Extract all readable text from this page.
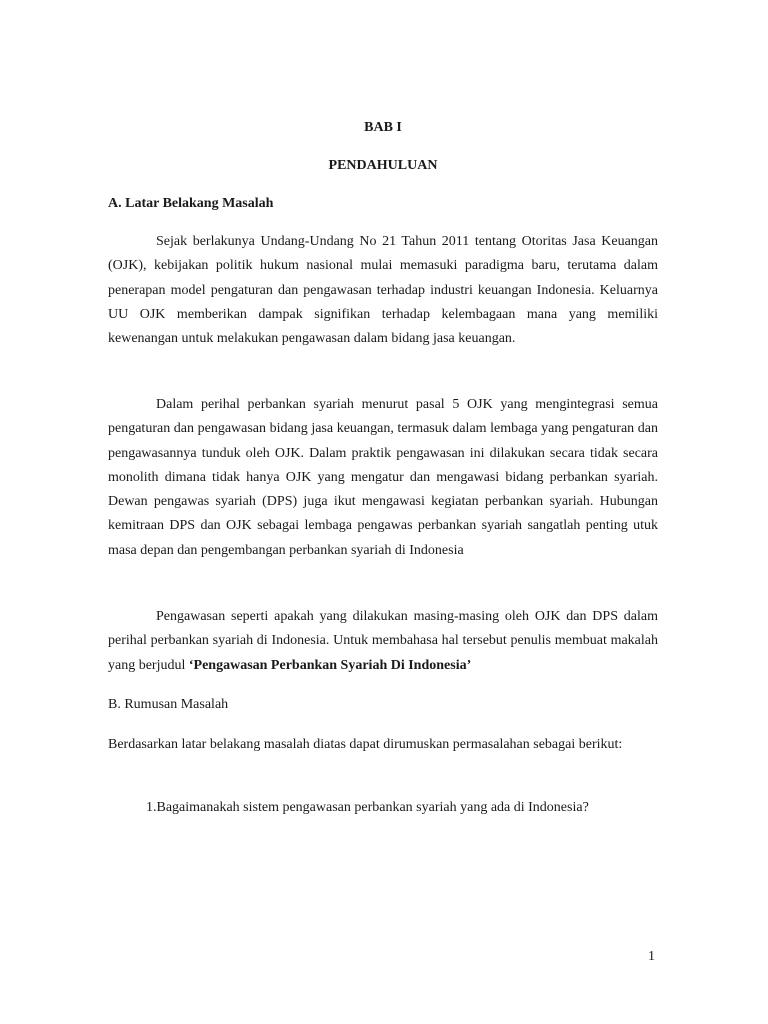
BAB I

PENDAHULUAN

A. Latar Belakang Masalah

Sejak berlakunya Undang-Undang No 21 Tahun 2011 tentang Otoritas Jasa Keuangan (OJK), kebijakan politik hukum nasional mulai memasuki paradigma baru, terutama dalam penerapan model pengaturan dan pengawasan terhadap industri keuangan Indonesia. Keluarnya UU OJK memberikan dampak signifikan terhadap kelembagaan mana yang memiliki kewenangan untuk melakukan pengawasan dalam bidang jasa keuangan.

Dalam perihal perbankan syariah menurut pasal 5 OJK yang mengintegrasi semua pengaturan dan pengawasan bidang jasa keuangan, termasuk dalam lembaga yang pengaturan dan pengawasannya tunduk oleh OJK. Dalam praktik pengawasan ini dilakukan secara tidak secara monolith dimana tidak hanya OJK yang mengatur dan mengawasi bidang perbankan syariah. Dewan pengawas syariah (DPS) juga ikut mengawasi kegiatan perbankan syariah. Hubungan kemitraan DPS dan OJK sebagai lembaga pengawas perbankan syariah sangatlah penting utuk masa depan dan pengembangan perbankan syariah di Indonesia

Pengawasan seperti apakah yang dilakukan masing-masing oleh OJK dan DPS dalam perihal perbankan syariah di Indonesia. Untuk membahasa hal tersebut penulis membuat makalah yang berjudul ‘Pengawasan Perbankan Syariah Di Indonesia’

B. Rumusan Masalah

Berdasarkan latar belakang masalah diatas dapat dirumuskan permasalahan sebagai berikut:

1.Bagaimanakah sistem pengawasan perbankan syariah yang ada di Indonesia?

1
